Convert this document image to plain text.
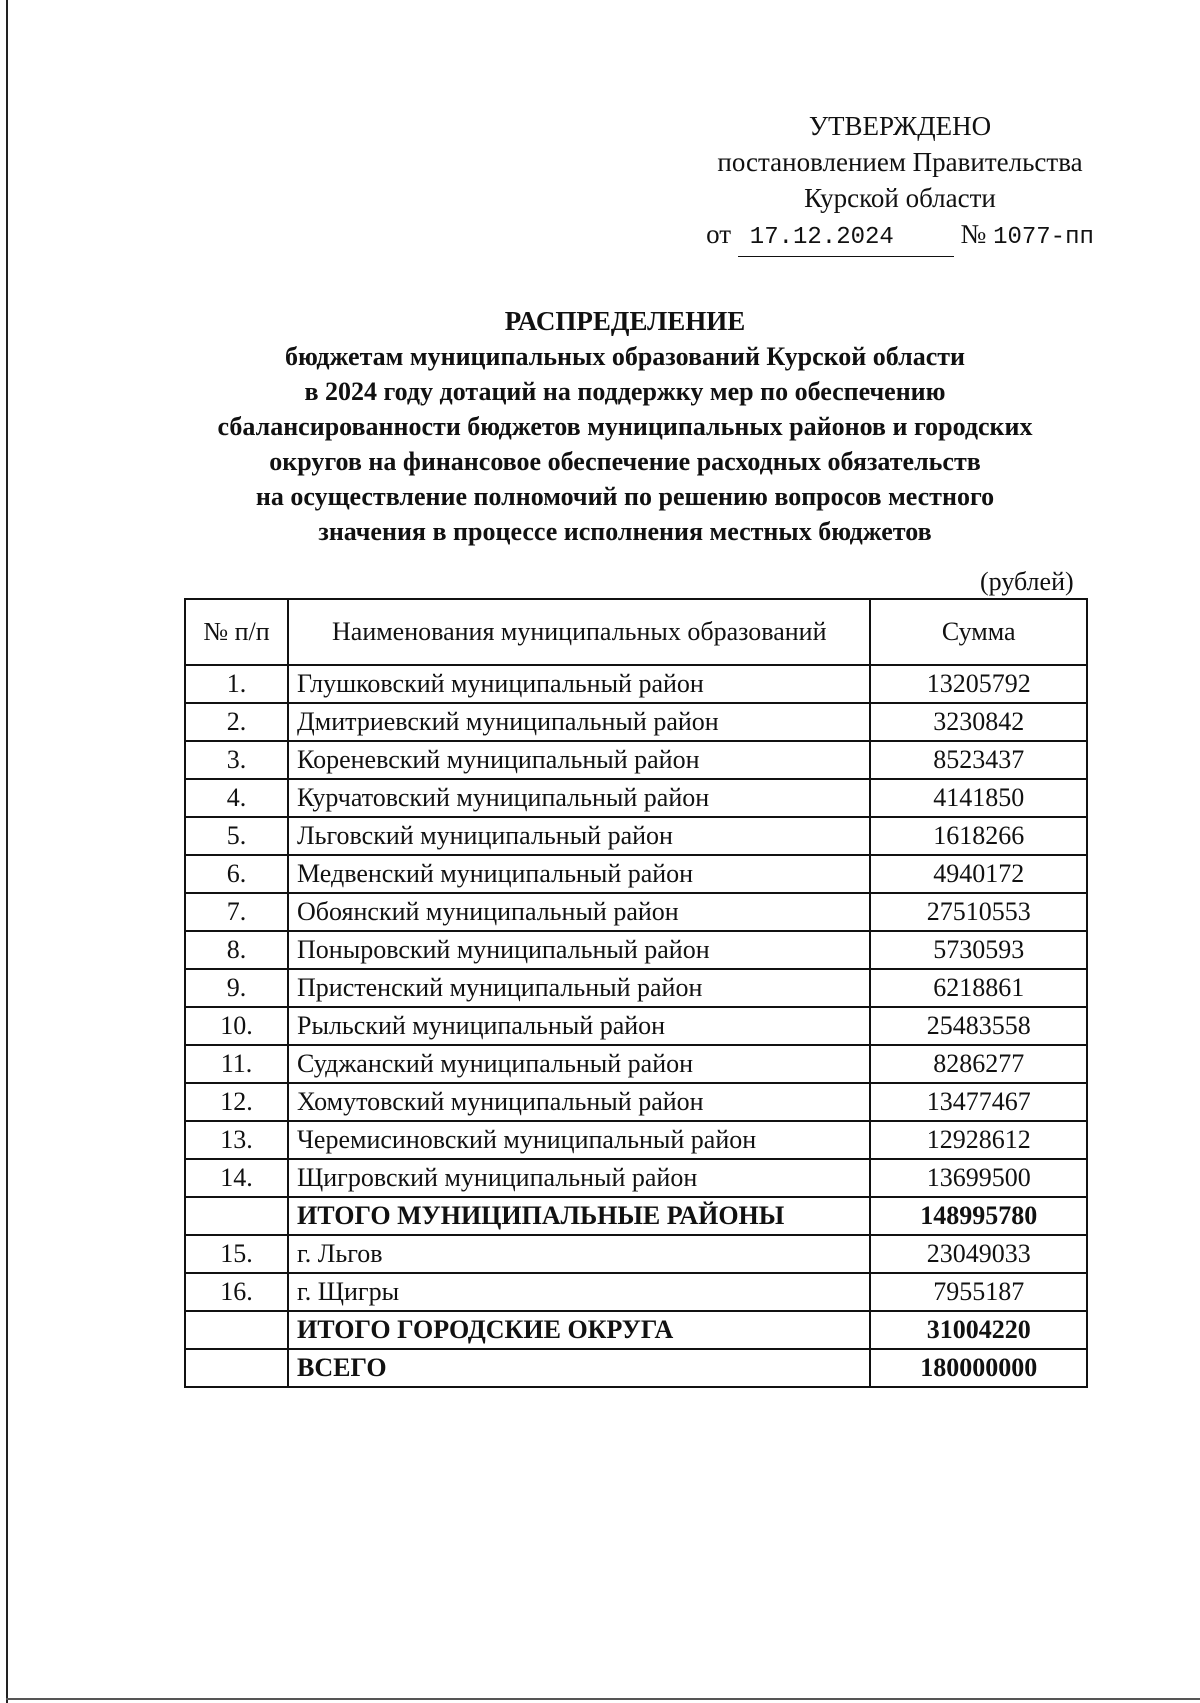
УТВЕРЖДЕНО
постановлением Правительства
Курской области
от 17.12.2024 № 1077-пп
РАСПРЕДЕЛЕНИЕ
бюджетам муниципальных образований Курской области
в 2024 году дотаций на поддержку мер по обеспечению
сбалансированности бюджетов муниципальных районов и городских
округов на финансовое обеспечение расходных обязательств
на осуществление полномочий по решению вопросов местного
значения в процессе исполнения местных бюджетов
(рублей)
№ п/п	Наименования муниципальных образований	Сумма
1.	Глушковский муниципальный район	13205792
2.	Дмитриевский муниципальный район	3230842
3.	Кореневский муниципальный район	8523437
4.	Курчатовский муниципальный район	4141850
5.	Льговский муниципальный район	1618266
6.	Медвенский муниципальный район	4940172
7.	Обоянский муниципальный район	27510553
8.	Поныровский муниципальный район	5730593
9.	Пристенский муниципальный район	6218861
10.	Рыльский муниципальный район	25483558
11.	Суджанский муниципальный район	8286277
12.	Хомутовский муниципальный район	13477467
13.	Черемисиновский муниципальный район	12928612
14.	Щигровский муниципальный район	13699500
	ИТОГО МУНИЦИПАЛЬНЫЕ РАЙОНЫ	148995780
15.	г. Льгов	23049033
16.	г. Щигры	7955187
	ИТОГО ГОРОДСКИЕ ОКРУГА	31004220
	ВСЕГО	180000000
